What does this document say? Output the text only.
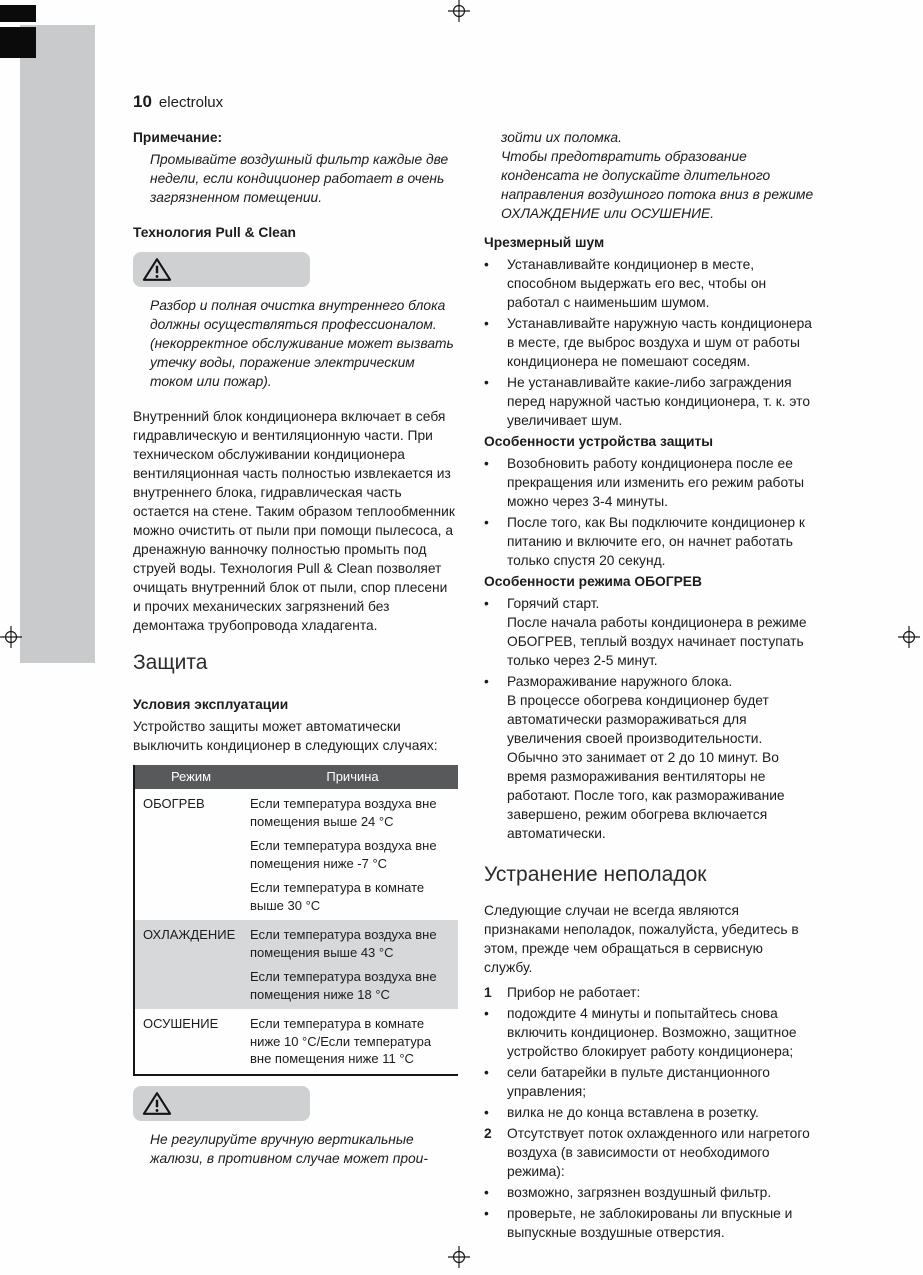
10 electrolux
Примечание:

Промывайте воздушный фильтр каждые две недели, если кондиционер работает в очень загрязненном помещении.

Технология Pull & Clean

Разбор и полная очистка внутреннего блока должны осуществляться профессионалом. (некорректное обслуживание может вызвать утечку воды, поражение электрическим током или пожар).

Внутренний блок кондиционера включает в себя гидравлическую и вентиляционную части. При техническом обслуживании кондиционера вентиляционная часть полностью извлекается из внутреннего блока, гидравлическая часть остается на стене. Таким образом теплообменник можно очистить от пыли при помощи пылесоса, а дренажную ванночку полностью промыть под струей воды. Технология Pull & Clean позволяет очищать внутренний блок от пыли, спор плесени и прочих механических загрязнений без демонтажа трубопровода хладагента.

Защита
Условия эксплуатации

Устройство защиты может автоматически выключить кондиционер в следующих случаях:

Режим	Причина
ОБОГРЕВ	Если температура воздуха вне помещения выше 24 °С

Если температура воздуха вне помещения ниже -7 °С

Если температура в комнате выше 30 °С

ОХЛАЖДЕНИЕ	Если температура воздуха вне помещения выше 43 °С

Если температура воздуха вне помещения ниже 18 °С

ОСУШЕНИЕ	Если температура в комнате ниже 10 °С/Если температура вне помещения ниже 11 °С

Не регулируйте вручную вертикальные жалюзи, в противном случае может прои-

зойти их поломка.

Чтобы предотвратить образование конденсата не допускайте длительного направления воздушного потока вниз в режиме ОХЛАЖДЕНИЕ или ОСУШЕНИЕ.

Чрезмерный шум
•	Устанавливайте кондиционер в месте, способном выдержать его вес, чтобы он работал с наименьшим шумом.

•	Устанавливайте наружную часть кондиционера в месте, где выброс воздуха и шум от работы кондиционера не помешают соседям.

•	Не устанавливайте какие-либо заграждения перед наружной частью кондиционера, т. к. это увеличивает шум.

Особенности устройства защиты
•	Возобновить работу кондиционера после ее прекращения или изменить его режим работы можно через 3-4 минуты.

•	После того, как Вы подключите кондиционер к питанию и включите его, он начнет работать только спустя 20 секунд.

Особенности режима ОБОГРЕВ
•	Горячий старт.

После начала работы кондиционера в режиме ОБОГРЕВ, теплый воздух начинает поступать только через 2-5 минут.

•	Размораживание наружного блока.

В процессе обогрева кондиционер будет автоматически размораживаться для увеличения своей производительности. Обычно это занимает от 2 до 10 минут. Во время размораживания вентиляторы не работают. После того, как размораживание завершено, режим обогрева включается автоматически.

Устранение неполадок

Следующие случаи не всегда являются признаками неполадок, пожалуйста, убедитесь в этом, прежде чем обращаться в сервисную службу.

1	Прибор не работает:

•	подождите 4 минуты и попытайтесь снова включить кондиционер. Возможно, защитное устройство блокирует работу кондиционера;

•	сели батарейки в пульте дистанционного управления;

•	вилка не до конца вставлена в розетку.

2	Отсутствует поток охлажденного или нагретого воздуха (в зависимости от необходимого режима):

•	возможно, загрязнен воздушный фильтр.

•	проверьте, не заблокированы ли впускные и выпускные воздушные отверстия.
